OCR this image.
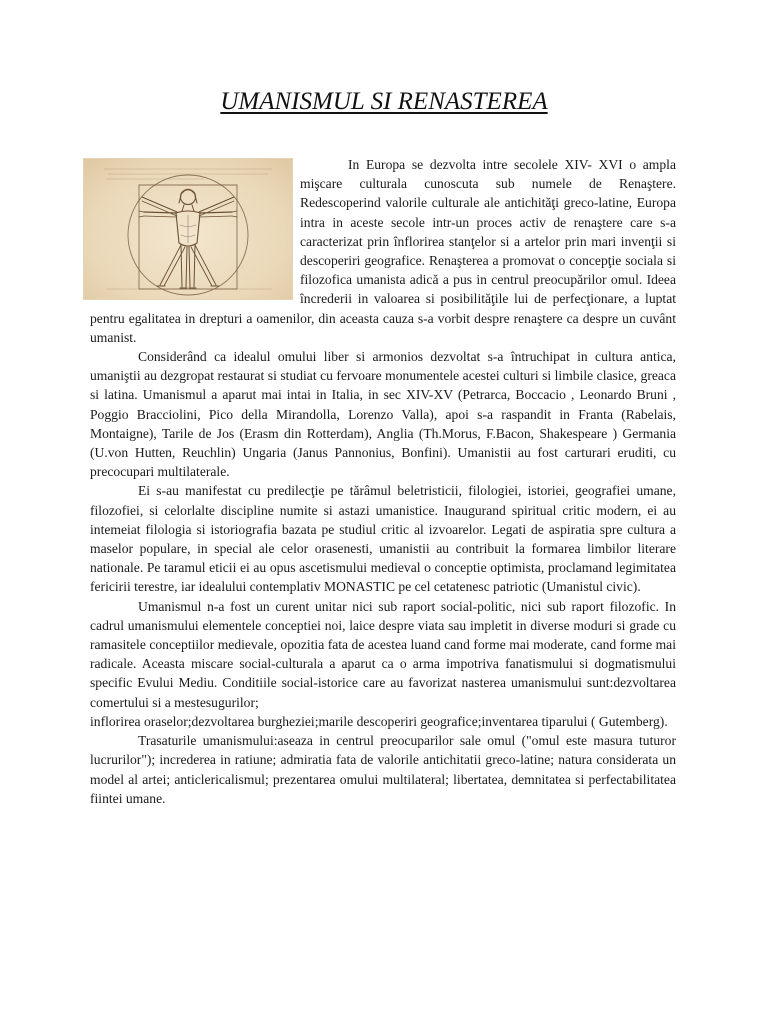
UMANISMUL SI RENASTEREA

In Europa se dezvolta intre secolele XIV- XVI o ampla mişcare culturala cunoscuta sub numele de Renaştere. Redescoperind valorile culturale ale antichităţi greco-latine, Europa intra in aceste secole intr-un proces activ de renaştere care s-a caracterizat prin înflorirea stanţelor si a artelor prin mari invenţii si descoperiri geografice. Renaşterea a promovat o concepţie sociala si filozofica umanista adică a pus in centrul preocupărilor omul. Ideea încrederii in valoarea si posibilităţile lui de perfecţionare, a luptat pentru egalitatea in drepturi a oamenilor, din aceasta cauza s-a vorbit despre renaştere ca despre un cuvânt umanist.

Considerând ca idealul omului liber si armonios dezvoltat s-a întruchipat in cultura antica, umaniştii au dezgropat restaurat si studiat cu fervoare monumentele acestei culturi si limbile clasice, greaca si latina. Umanismul a aparut mai intai in Italia, in sec XIV-XV (Petrarca, Boccacio , Leonardo Bruni , Poggio Bracciolini, Pico della Mirandolla, Lorenzo Valla), apoi s-a raspandit in Franta (Rabelais, Montaigne), Tarile de Jos (Erasm din Rotterdam), Anglia (Th.Morus, F.Bacon, Shakespeare ) Germania (U.von Hutten, Reuchlin) Ungaria (Janus Pannonius, Bonfini). Umanistii au fost carturari eruditi, cu precocupari multilaterale.

Ei s-au manifestat cu predilecţie pe tărâmul beletristicii, filologiei, istoriei, geografiei umane, filozofiei, si celorlalte discipline numite si astazi umanistice. Inaugurand spiritual critic modern, ei au intemeiat filologia si istoriografia bazata pe studiul critic al izvoarelor. Legati de aspiratia spre cultura a maselor populare, in special ale celor orasenesti, umanistii au contribuit la formarea limbilor literare nationale. Pe taramul eticii ei au opus ascetismului medieval o conceptie optimista, proclamand legimitatea fericirii terestre, iar idealului contemplativ MONASTIC pe cel cetatenesc patriotic (Umanistul civic).

Umanismul n-a fost un curent unitar nici sub raport social-politic, nici sub raport filozofic. In cadrul umanismului elementele conceptiei noi, laice despre viata sau impletit in diverse moduri si grade cu ramasitele conceptiilor medievale, opozitia fata de acestea luand cand forme mai moderate, cand forme mai radicale. Aceasta miscare social-culturala a aparut ca o arma impotriva fanatismului si dogmatismului specific Evului Mediu. Conditiile social-istorice care au favorizat nasterea umanismului sunt:dezvoltarea comertului si a mestesugurilor;

inflorirea oraselor;dezvoltarea burgheziei;marile descoperiri geografice;inventarea tiparului ( Gutemberg).

Trasaturile umanismului:aseaza in centrul preocuparilor sale omul ("omul este masura tuturor lucrurilor"); increderea in ratiune; admiratia fata de valorile antichitatii greco-latine; natura considerata un model al artei; anticlericalismul; prezentarea omului multilateral; libertatea, demnitatea si perfectabilitatea fiintei umane.
